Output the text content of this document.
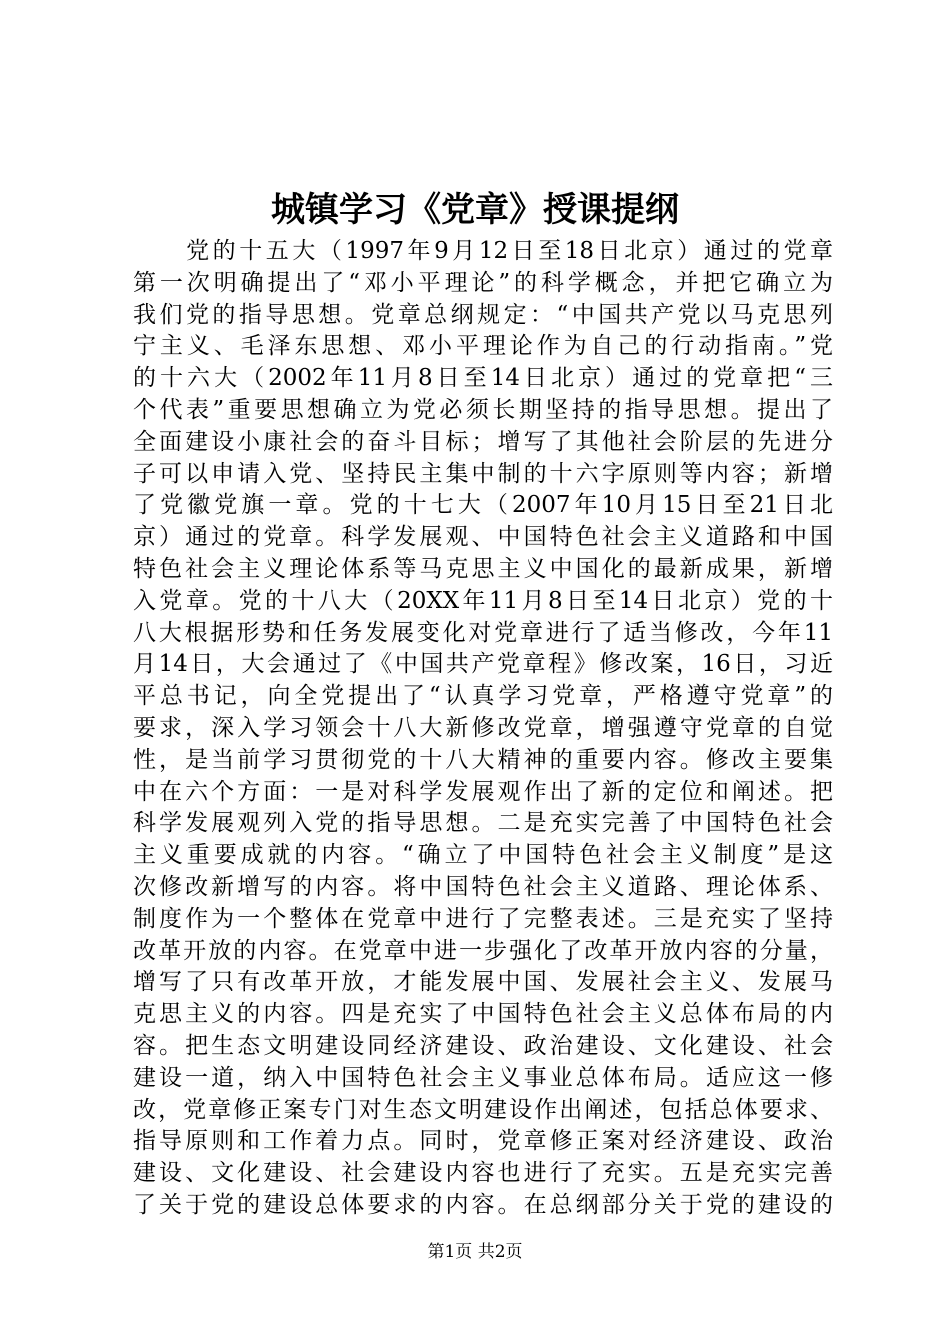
城镇学习《党章》授课提纲
　　党的十五大（1997年9月12日至18日北京）通过的党章
第一次明确提出了“邓小平理论”的科学概念，并把它确立为
我们党的指导思想。党章总纲规定：“中国共产党以马克思列
宁主义、毛泽东思想、邓小平理论作为自己的行动指南。”党
的十六大（2002年11月8日至14日北京）通过的党章把“三
个代表”重要思想确立为党必须长期坚持的指导思想。提出了
全面建设小康社会的奋斗目标；增写了其他社会阶层的先进分
子可以申请入党、坚持民主集中制的十六字原则等内容；新增
了党徽党旗一章。党的十七大（2007年10月15日至21日北
京）通过的党章。科学发展观、中国特色社会主义道路和中国
特色社会主义理论体系等马克思主义中国化的最新成果，新增
入党章。党的十八大（20XX年11月8日至14日北京）党的十
八大根据形势和任务发展变化对党章进行了适当修改，今年11
月14日，大会通过了《中国共产党章程》修改案，16日，习近
平总书记，向全党提出了“认真学习党章，严格遵守党章”的
要求，深入学习领会十八大新修改党章，增强遵守党章的自觉
性，是当前学习贯彻党的十八大精神的重要内容。修改主要集
中在六个方面：一是对科学发展观作出了新的定位和阐述。把
科学发展观列入党的指导思想。二是充实完善了中国特色社会
主义重要成就的内容。“确立了中国特色社会主义制度”是这
次修改新增写的内容。将中国特色社会主义道路、理论体系、
制度作为一个整体在党章中进行了完整表述。三是充实了坚持
改革开放的内容。在党章中进一步强化了改革开放内容的分量，
增写了只有改革开放，才能发展中国、发展社会主义、发展马
克思主义的内容。四是充实了中国特色社会主义总体布局的内
容。把生态文明建设同经济建设、政治建设、文化建设、社会
建设一道，纳入中国特色社会主义事业总体布局。适应这一修
改，党章修正案专门对生态文明建设作出阐述，包括总体要求、
指导原则和工作着力点。同时，党章修正案对经济建设、政治
建设、文化建设、社会建设内容也进行了充实。五是充实完善
了关于党的建设总体要求的内容。在总纲部分关于党的建设的
第1页 共2页
